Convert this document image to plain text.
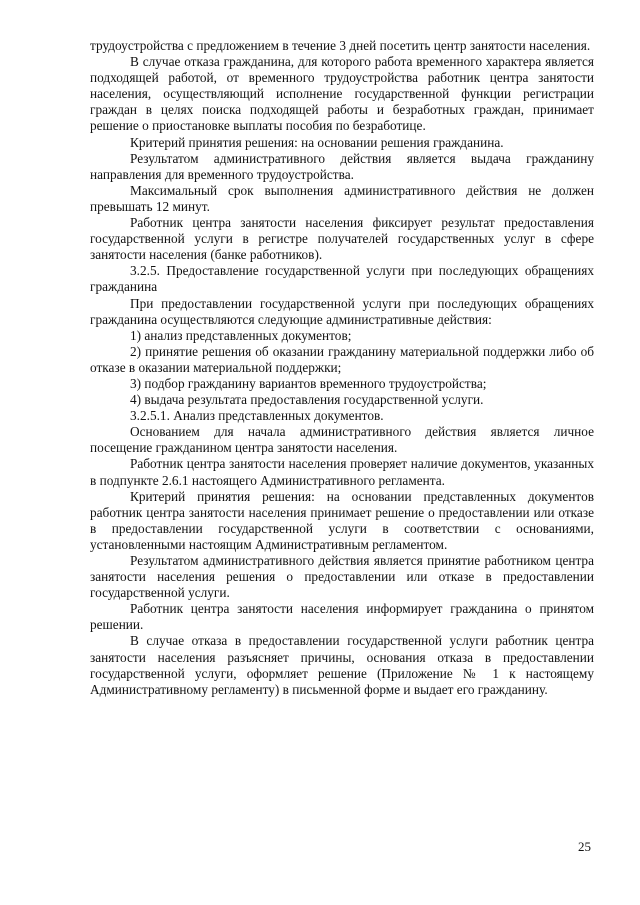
трудоустройства с предложением в течение 3 дней посетить центр занятости населения.

В случае отказа гражданина, для которого работа временного характера является подходящей работой, от временного трудоустройства работник центра занятости населения, осуществляющий исполнение государственной функции регистрации граждан в целях поиска подходящей работы и безработных граждан, принимает решение о приостановке выплаты пособия по безработице.

Критерий принятия решения: на основании решения гражданина.

Результатом административного действия является выдача гражданину направления для временного трудоустройства.

Максимальный срок выполнения административного действия не должен превышать 12 минут.

Работник центра занятости населения фиксирует результат предоставления государственной услуги в регистре получателей государственных услуг в сфере занятости населения (банке работников).

3.2.5. Предоставление государственной услуги при последующих обращениях гражданина

При предоставлении государственной услуги при последующих обращениях гражданина осуществляются следующие административные действия:

1) анализ представленных документов;

2) принятие решения об оказании гражданину материальной поддержки либо об отказе в оказании материальной поддержки;

3) подбор гражданину вариантов временного трудоустройства;

4) выдача результата предоставления государственной услуги.

3.2.5.1. Анализ представленных документов.

Основанием для начала административного действия является личное посещение гражданином центра занятости населения.

Работник центра занятости населения проверяет наличие документов, указанных в подпункте 2.6.1 настоящего Административного регламента.

Критерий принятия решения: на основании представленных документов работник центра занятости населения принимает решение о предоставлении или отказе в предоставлении государственной услуги в соответствии с основаниями, установленными настоящим Административным регламентом.

Результатом административного действия является принятие работником центра занятости населения решения о предоставлении или отказе в предоставлении государственной услуги.

Работник центра занятости населения информирует гражданина о принятом решении.

В случае отказа в предоставлении государственной услуги работник центра занятости населения разъясняет причины, основания отказа в предоставлении государственной услуги, оформляет решение (Приложение № 1 к настоящему Административному регламенту) в письменной форме и выдает его гражданину.

25
